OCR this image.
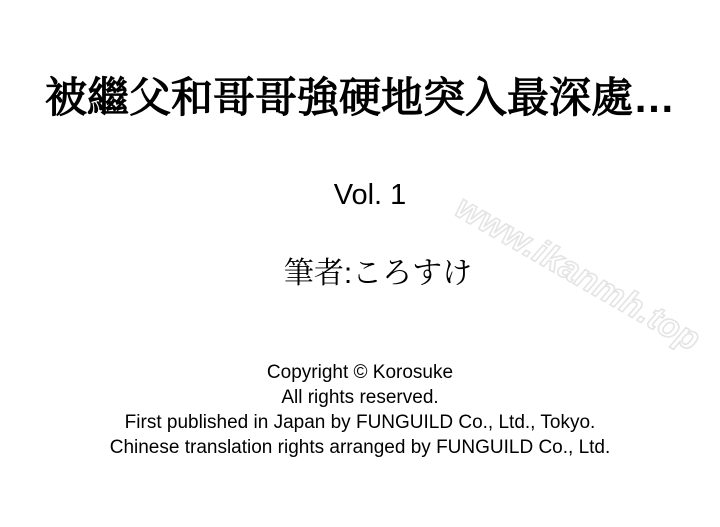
被繼父和哥哥強硬地突入最深處…
Vol. 1	www.ikanmh.top
筆者:ころすけ

Copyright © Korosuke

All rights reserved.

First published in Japan by FUNGUILD Co., Ltd., Tokyo.

Chinese translation rights arranged by FUNGUILD Co., Ltd.
